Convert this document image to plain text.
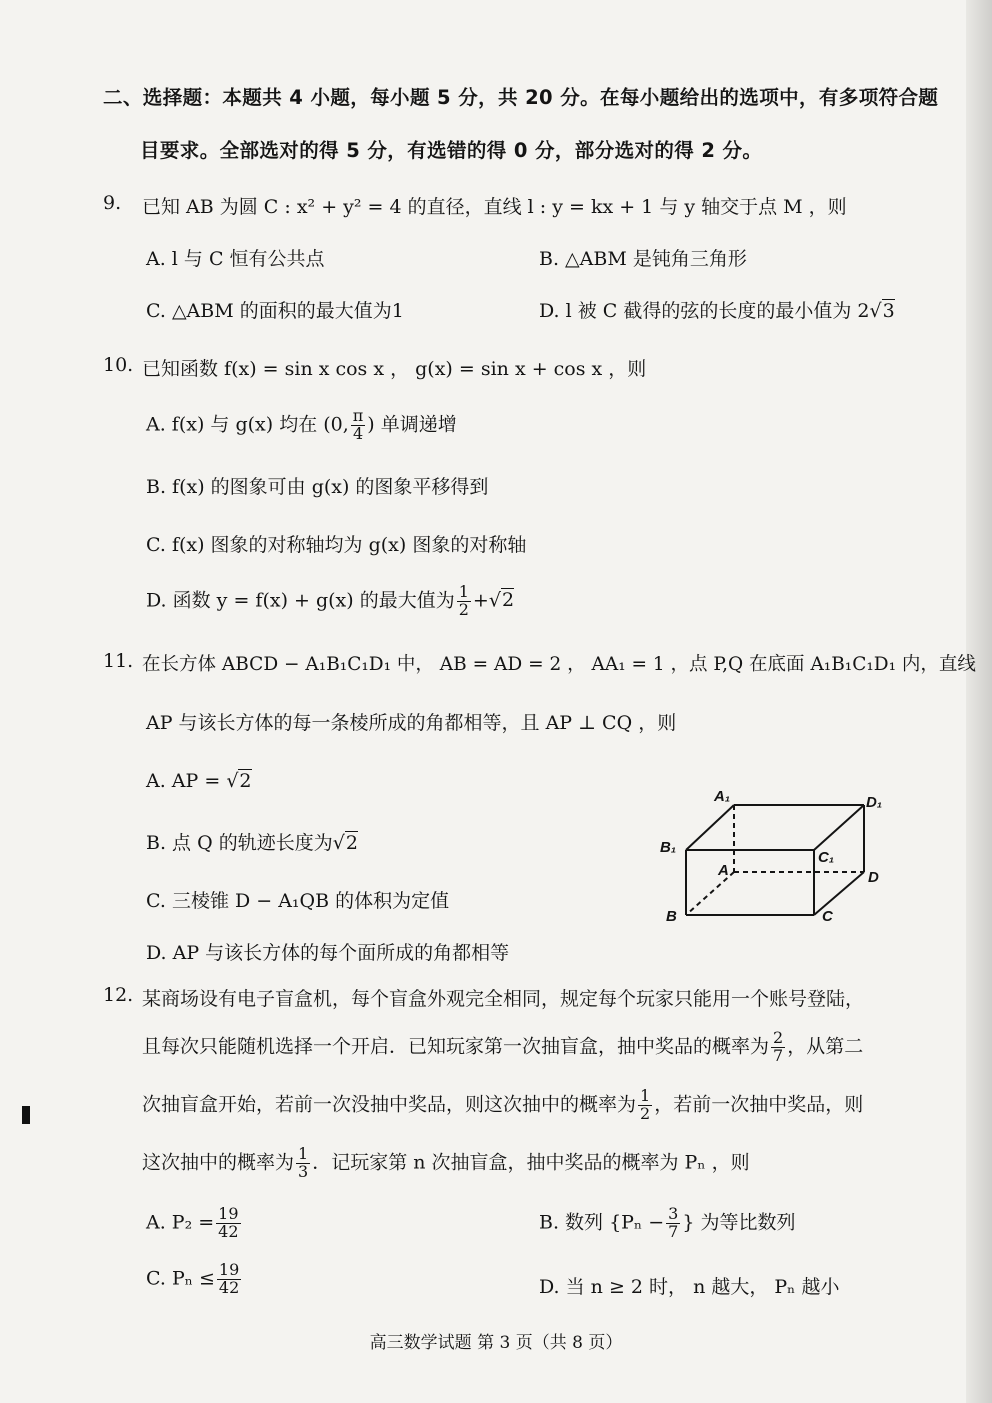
二、选择题：本题共 4 小题，每小题 5 分，共 20 分。在每小题给出的选项中，有多项符合题
目要求。全部选对的得 5 分，有选错的得 0 分，部分选对的得 2 分。
9. 已知 AB 为圆 C : x² + y² = 4 的直径，直线 l : y = kx + 1 与 y 轴交于点 M ，则
A. l 与 C 恒有公共点	B. △ABM 是钝角三角形
C. △ABM 的面积的最大值为1	D. l 被 C 截得的弦的长度的最小值为 2√3
10. 已知函数 f(x) = sin x cos x ， g(x) = sin x + cos x ，则
A. f(x) 与 g(x) 均在 (0, $\frac{\pi}{4}$ ) 单调递增
B. f(x) 的图象可由 g(x) 的图象平移得到
C. f(x) 图象的对称轴均为 g(x) 图象的对称轴
D. 函数 y = f(x) + g(x) 的最大值为 $\frac{1}{2} +√2$
11. 在长方体 ABCD − A₁B₁C₁D₁ 中， AB = AD = 2 ， AA₁ = 1 ，点 P,Q 在底面 A₁B₁C₁D₁ 内，直线
AP 与该长方体的每一条棱所成的角都相等，且 AP ⊥ CQ ，则
A. AP = √2
B. 点 Q 的轨迹长度为√2
C. 三棱锥 D − A₁QB 的体积为定值
D. AP 与该长方体的每个面所成的角都相等
A₁	D₁
B₁
C₁
A	D
B	C
12. 某商场设有电子盲盒机，每个盲盒外观完全相同，规定每个玩家只能用一个账号登陆，
且每次只能随机选择一个开启．已知玩家第一次抽盲盒，抽中奖品的概率为 $\frac{2}{7}$ ，从第二
次抽盲盒开始，若前一次没抽中奖品，则这次抽中的概率为 $\frac{1}{2}$ ，若前一次抽中奖品，则
这次抽中的概率为 $\frac{1}{3}$ ．记玩家第 n 次抽盲盒，抽中奖品的概率为 Pₙ ，则
A. $P_2 = \frac{19}{42}$	B. 数列 {$P_n - \frac{3}{7}$ } 为等比数列
C. $P_n \le \frac{19}{42}$	D. 当 n ≥ 2 时， n 越大， Pₙ 越小
高三数学试题 第 3 页（共 8 页）
